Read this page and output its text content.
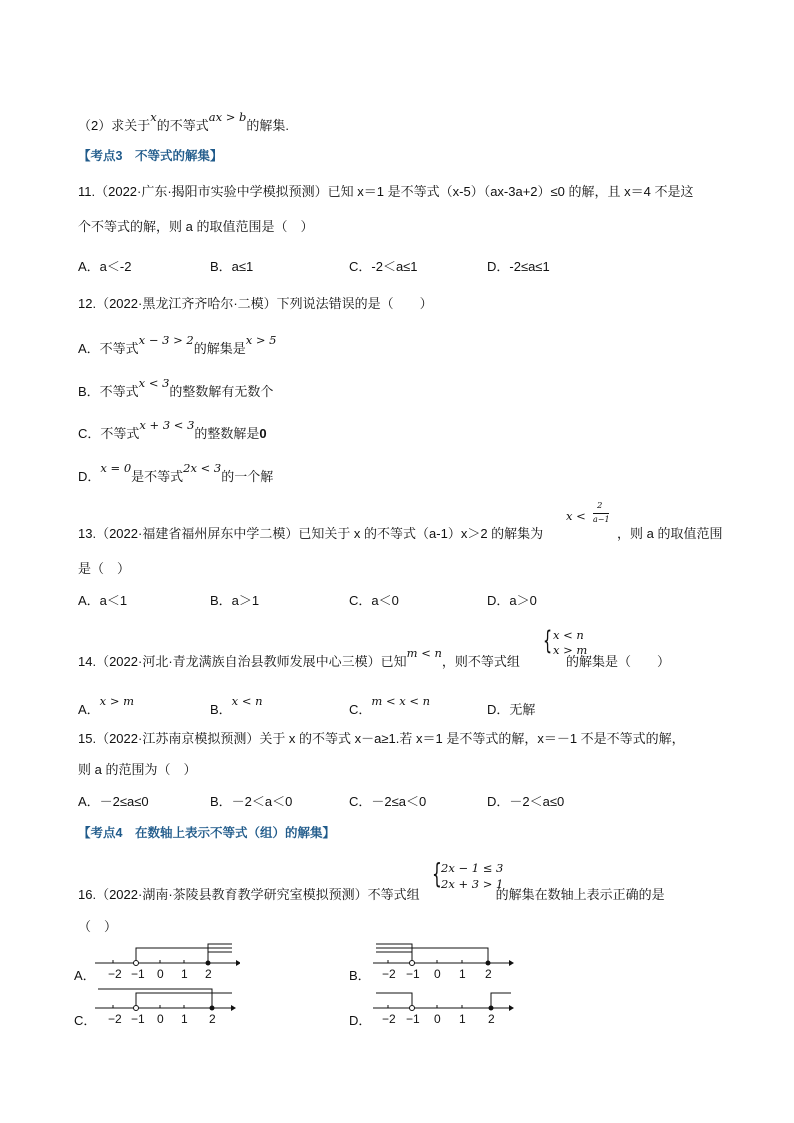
（2）求关于x的不等式ax > b的解集.
【考点3　不等式的解集】
11.（2022·广东·揭阳市实验中学模拟预测）已知 x＝1 是不等式（x-5）（ax-3a+2）≤0 的解，且 x＝4 不是这
个不等式的解，则 a 的取值范围是（　）
A．a＜-2	B．a≤1	C．-2＜a≤1	D．-2≤a≤1
12.（2022·黑龙江齐齐哈尔·二模）下列说法错误的是（　　）
A．不等式x − 3 > 2的解集是x > 5
B．不等式x < 3的整数解有无数个
C．不等式x + 3 < 3的整数解是0
D．x = 0是不等式2x < 3的一个解
13.（2022·福建省福州屏东中学二模）已知关于 x 的不等式（a-1）x＞2 的解集为
x <
2
a−1
，则 a 的取值范围
是（　）
A．a＜1	B．a＞1	C．a＜0	D．a＞0
14.（2022·河北·青龙满族自治县教师发展中心三模）已知m < n，则不等式组	的解集是（　　）
{ x < n
x > m
A．x > m
B．x < n
C．m < x < n
D．无解
15.（2022·江苏南京模拟预测）关于 x 的不等式 x－a≥1.若 x＝1 是不等式的解，x＝－1 不是不等式的解，
则 a 的范围为（　）
A．－2≤a≤0	B．－2＜a＜0	C．－2≤a＜0	D．－2＜a≤0
【考点4　在数轴上表示不等式（组）的解集】
16.（2022·湖南·茶陵县教育教学研究室模拟预测）不等式组	的解集在数轴上表示正确的是
{ 2x − 1 ≤ 3
2x + 3 > 1
（　）
A． −2 −1 0 1 2	B． −2 −1 0 1 2
C． −2 −1 0 1 2	D． −2 −1 0 1 2
